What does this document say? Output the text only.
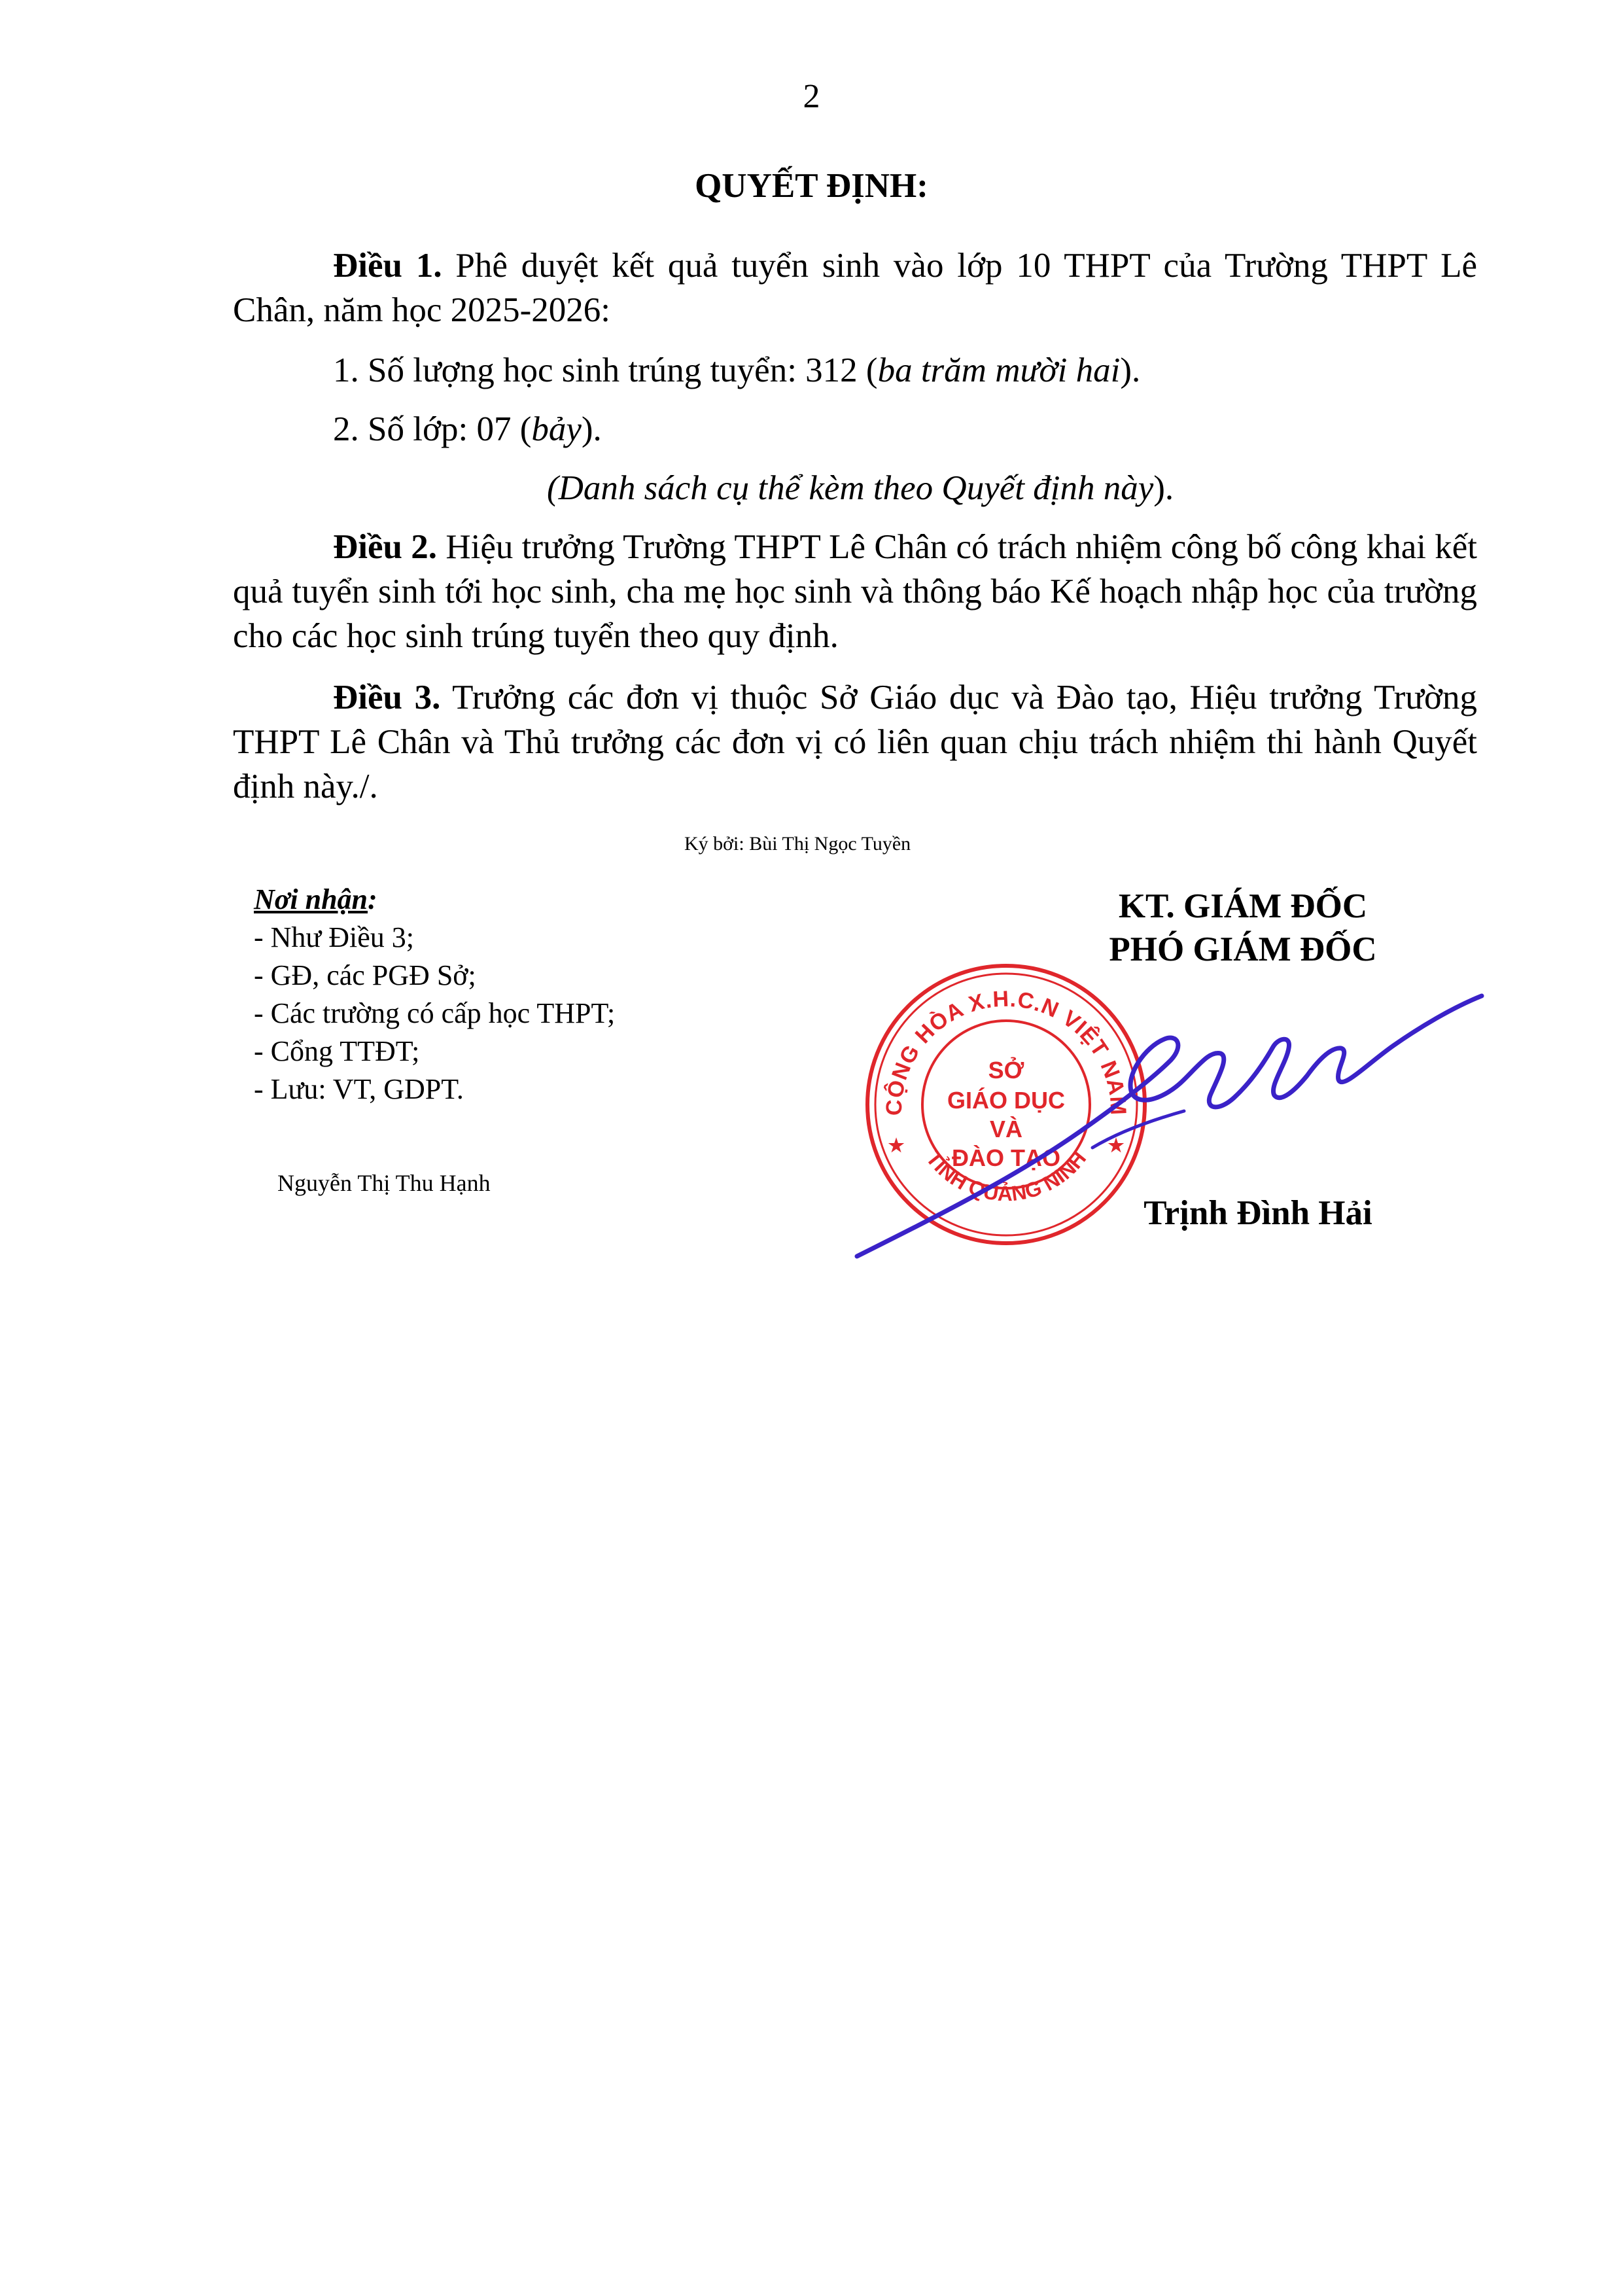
2
QUYẾT ĐỊNH:
Điều 1. Phê duyệt kết quả tuyển sinh vào lớp 10 THPT của Trường THPT Lê Chân, năm học 2025-2026:
1. Số lượng học sinh trúng tuyển: 312 (ba trăm mười hai).
2. Số lớp: 07 (bảy).
(Danh sách cụ thể kèm theo Quyết định này).
Điều 2. Hiệu trưởng Trường THPT Lê Chân có trách nhiệm công bố công khai kết quả tuyển sinh tới học sinh, cha mẹ học sinh và thông báo Kế hoạch nhập học của trường cho các học sinh trúng tuyển theo quy định.
Điều 3. Trưởng các đơn vị thuộc Sở Giáo dục và Đào tạo, Hiệu trưởng Trường THPT Lê Chân và Thủ trưởng các đơn vị có liên quan chịu trách nhiệm thi hành Quyết định này./.
Ký bởi: Bùi Thị Ngọc Tuyền
Nơi nhận:
- Như Điều 3;
- GĐ, các PGĐ Sở;
- Các trường có cấp học THPT;
- Cổng TTĐT;
- Lưu: VT, GDPT.
Nguyễn Thị Thu Hạnh
KT. GIÁM ĐỐC
PHÓ GIÁM ĐỐC
CỘNG HÒA X.H.C.N VIỆT NAM
TỈNH QUẢNG NINH
SỞ
GIÁO DỤC
VÀ
ĐÀO TẠO
★	★
Trịnh Đình Hải
